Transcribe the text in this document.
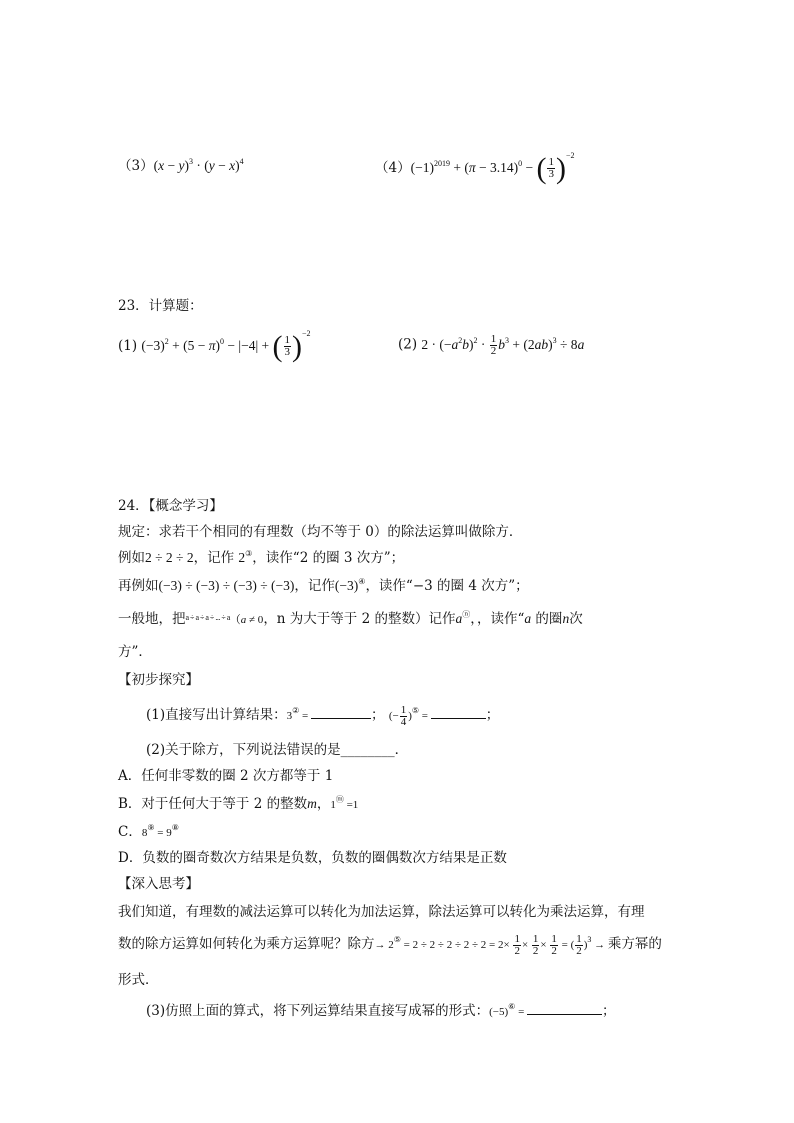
$(3)(x - y)^3 \cdot (y - x)^4$	$(4)(-1)^{2019} + (\pi - 3.14)^0$ − ( $\frac{1}{3} )^{-2}$
23．计算题：
(1) $(-3)^2 + (5 - \pi)^0 - |-4|$ + ( $\frac{1}{3} )^{-2}$
(2) $2 \cdot (-a^2b)^2 \cdot \frac{1}{2} b^3 + (2ab)^3 \div 8a$
24．【概念学习】
规定：求若干个相同的有理数（均不等于 0）的除法运算叫做除方．
例如2 ÷ 2 ÷ 2，记作 2③，读作“2 的圈 3 次方”；
再例如(−3) ÷ (−3) ÷ (−3) ÷ (−3)，记作(−3)④，读作“−3 的圈 4 次方”；
一般地，把$^{a \div a \div a \div ... \div a}$（a ≠ 0，n 为大于等于 2 的整数）记作aⓝ，，读作“a 的圈n次
方”．
【初步探究】
(1)直接写出计算结果：3② =	； (− $\frac{1}{4} )^⑤$ =	；
(2)关于除方，下列说法错误的是________．
A．任何非零数的圈 2 次方都等于 1
B．对于任何大于等于 2 的整数m，1ⓜ =1
C．8⑨ = 9⑧
D．负数的圈奇数次方结果是负数，负数的圈偶数次方结果是正数
【深入思考】
我们知道，有理数的减法运算可以转化为加法运算，除法运算可以转化为乘法运算，有理
数的除方运算如何转化为乘方运算呢？除方→ $2^⑤ = 2 \div 2 \div 2 \div 2 \div 2 = 2\times \frac{1}{2} \times \frac{1}{2} \times \frac{1}{2}$ = ( $\frac{1}{2} )^3$ → 乘方幂的
形式．
(3)仿照上面的算式，将下列运算结果直接写成幂的形式：(−5)⑥ =	；
